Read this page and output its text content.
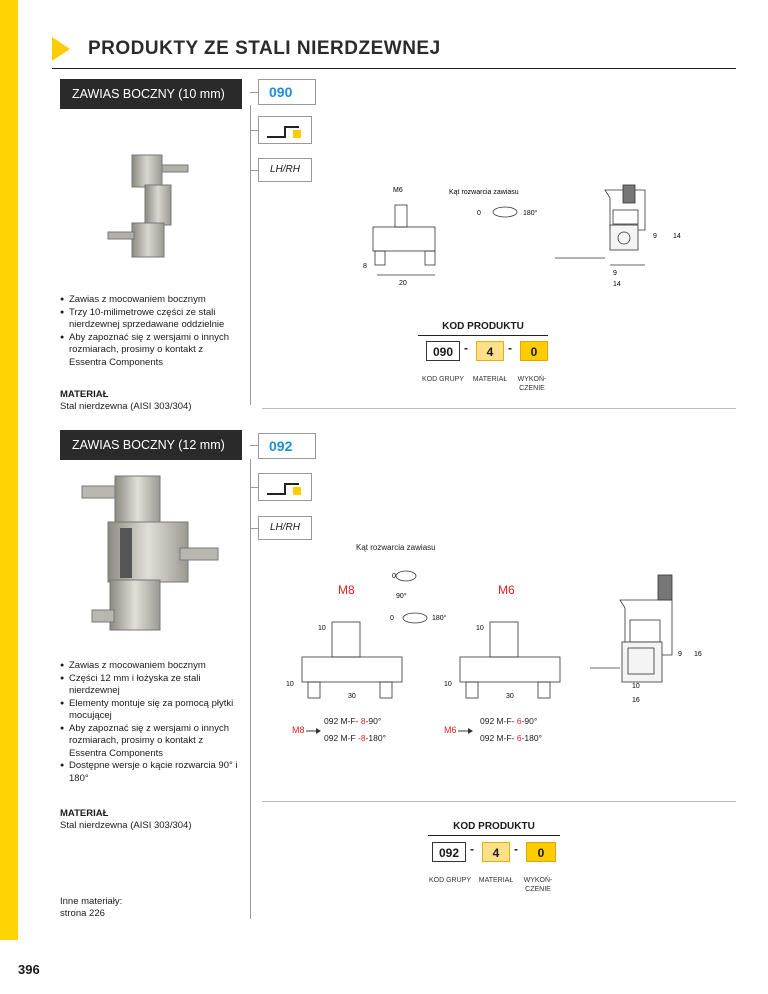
396
PRODUKTY ZE STALI NIERDZEWNEJ
ZAWIAS BOCZNY (10 mm)	090
LH/RH
M6
8
20
Kąt rozwarcia zawiasu
0	180°
9 14
9
14
● Zawias z mocowaniem bocznym
● Trzy 10-milimetrowe części ze stali nierdzewnej sprzedawane oddzielnie
● Aby zapoznać się z wersjami o innych rozmiarach, prosimy o kontakt z Essentra Components
MATERIAŁ
Stal nierdzewna (AISI 303/304)
KOD PRODUKTU
090 -	4	-	0
KOD GRUPY	MATERIAŁ	WYKOŃ-
CZENIE
ZAWIAS BOCZNY (12 mm)	092
LH/RH
Kąt rozwarcia zawiasu
M8	M6
0
90°
0	180°
10
10
10
10
30	30
9 16
10
16
M8
092 M-F- 8-90°
092 M-F -8-180°
M6
092 M-F- 6-90°
092 M-F- 6-180°
● Zawias z mocowaniem bocznym
● Części 12 mm i łożyska ze stali nierdzewnej
● Elementy montuje się za pomocą płytki mocującej
● Aby zapoznać się z wersjami o innych rozmiarach, prosimy o kontakt z Essentra Components
● Dostępne wersje o kącie rozwarcia 90° i 180°
MATERIAŁ
Stal nierdzewna (AISI 303/304)
Inne materiały:
strona 226
KOD PRODUKTU
092 -	4	-	0
KOD GRUPY	MATERIAŁ	WYKOŃ-
CZENIE
